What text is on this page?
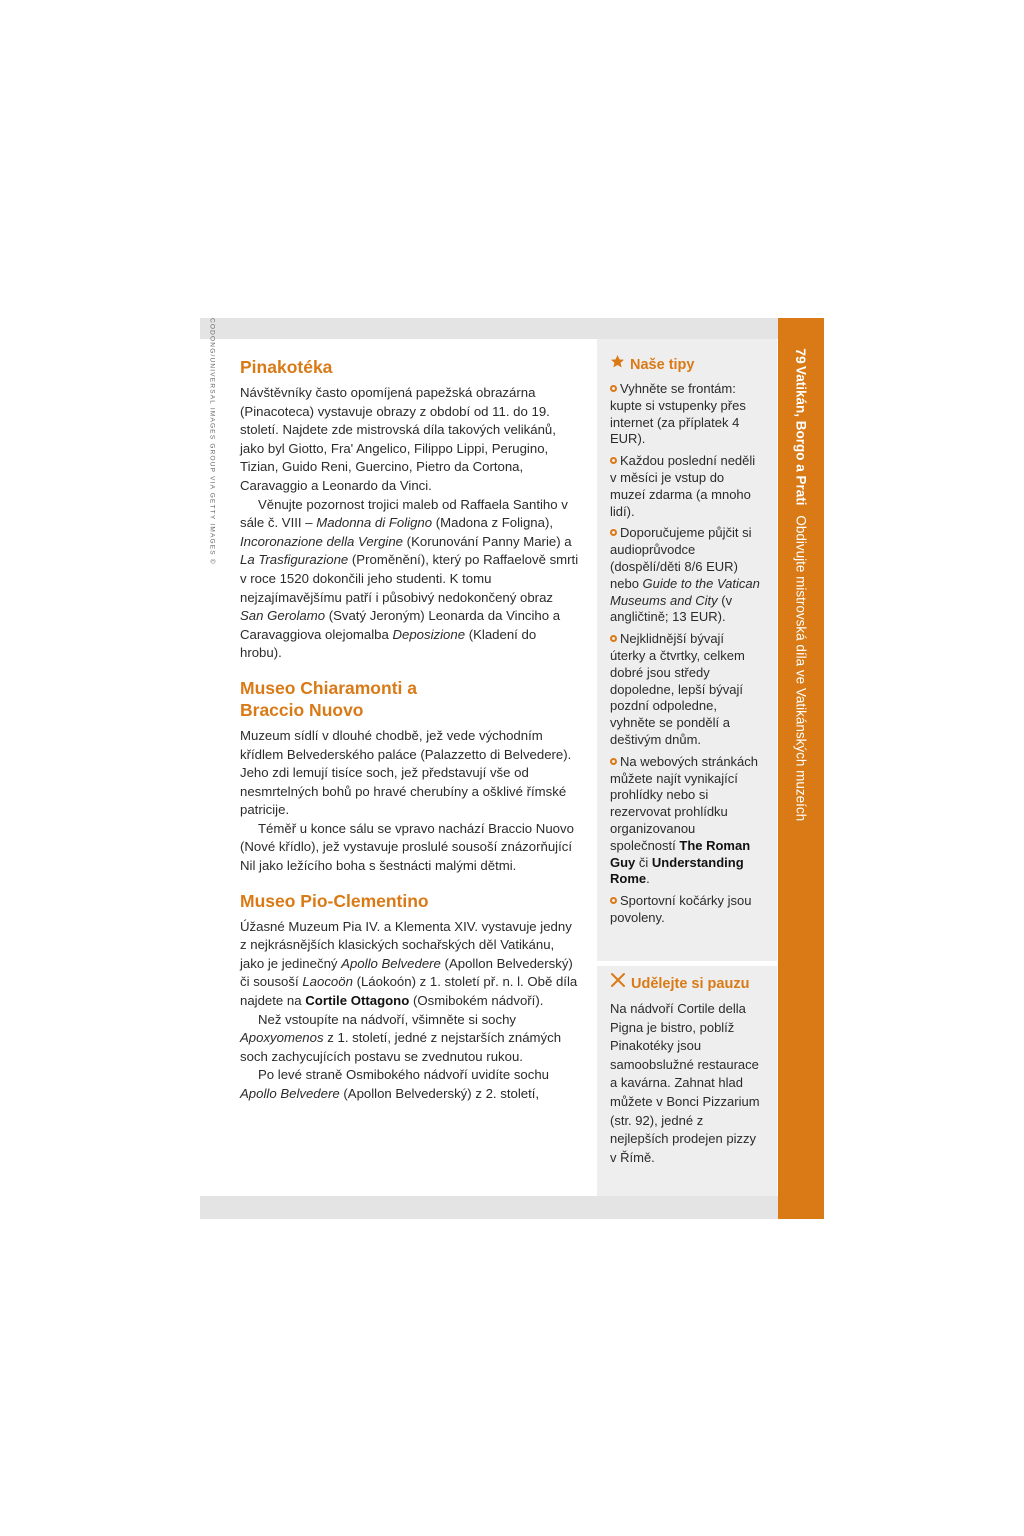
79
Vatikán, Borgo a Prati Obdivujte mistrovská díla ve Vatikánských muzeích
CODONG/UNIVERSAL IMAGES GROUP VIA GETTY IMAGES © Pinakotéka

Návštěvníky často opomíjená papežská obrazárna (Pinacoteca) vystavuje obrazy z období od 11. do 19. století. Najdete zde mistrovská díla takových velikánů, jako byl Giotto, Fra' Angelico, Filippo Lippi, Perugino, Tizian, Guido Reni, Guercino, Pietro da Cortona, Caravaggio a Leonardo da Vinci.

Věnujte pozornost trojici maleb od Raffaela Santiho v sále č. VIII – Madonna di Foligno (Madona z Foligna), Incoronazione della Vergine (Korunování Panny Marie) a La Trasfigurazione (Proměnění), který po Raffaelově smrti v roce 1520 dokončili jeho studenti. K tomu nejzajímavějšímu patří i působivý nedokončený obraz San Gerolamo (Svatý Jeroným) Leonarda da Vinciho a Caravaggiova olejomalba Deposizione (Kladení do hrobu).

Museo Chiaramonti a Braccio Nuovo

Muzeum sídlí v dlouhé chodbě, jež vede východním křídlem Belvederského paláce (Palazzetto di Belvedere). Jeho zdi lemují tisíce soch, jež představují vše od nesmrtelných bohů po hravé cherubíny a ošklivé římské patricije.

Téměř u konce sálu se vpravo nachází Braccio Nuovo (Nové křídlo), jež vystavuje proslulé sousoší znázorňující Nil jako ležícího boha s šestnácti malými dětmi.

Museo Pio-Clementino

Úžasné Muzeum Pia IV. a Klementa XIV. vystavuje jedny z nejkrásnějších klasických sochařských děl Vatikánu, jako je jedinečný Apollo Belvedere (Apollon Belvederský) či sousoší Laocoön (Láokoón) z 1. století př. n. l. Obě díla najdete na Cortile Ottagono (Osmibokém nádvoří).

Než vstoupíte na nádvoří, všimněte si sochy Apoxyomenos z 1. století, jedné z nejstarších známých soch zachycujících postavu se zvednutou rukou.

Po levé straně Osmibokého nádvoří uvidíte sochu Apollo Belvedere (Apollon Belvederský) z 2. století,

Naše tipy
Vyhněte se frontám: kupte si vstupenky přes internet (za příplatek 4 EUR).
Každou poslední neděli v měsíci je vstup do muzeí zdarma (a mnoho lidí).
Doporučujeme půjčit si audioprůvodce (dospělí/děti 8/6 EUR) nebo Guide to the Vatican Museums and City (v angličtině; 13 EUR).
Nejklidnější bývají úterky a čtvrtky, celkem dobré jsou středy dopoledne, lepší bývají pozdní odpoledne, vyhněte se pondělí a deštivým dnům.
Na webových stránkách můžete najít vynikající prohlídky nebo si rezervovat prohlídku organizovanou společností The Roman Guy či Understanding Rome.
Sportovní kočárky jsou povoleny.
Udělejte si pauzu

Na nádvoří Cortile della Pigna je bistro, poblíž Pinakotéky jsou samoobslužné restaurace a kavárna. Zahnat hlad můžete v Bonci Pizzarium (str. 92), jedné z nejlepších prodejen pizzy v Římě.
